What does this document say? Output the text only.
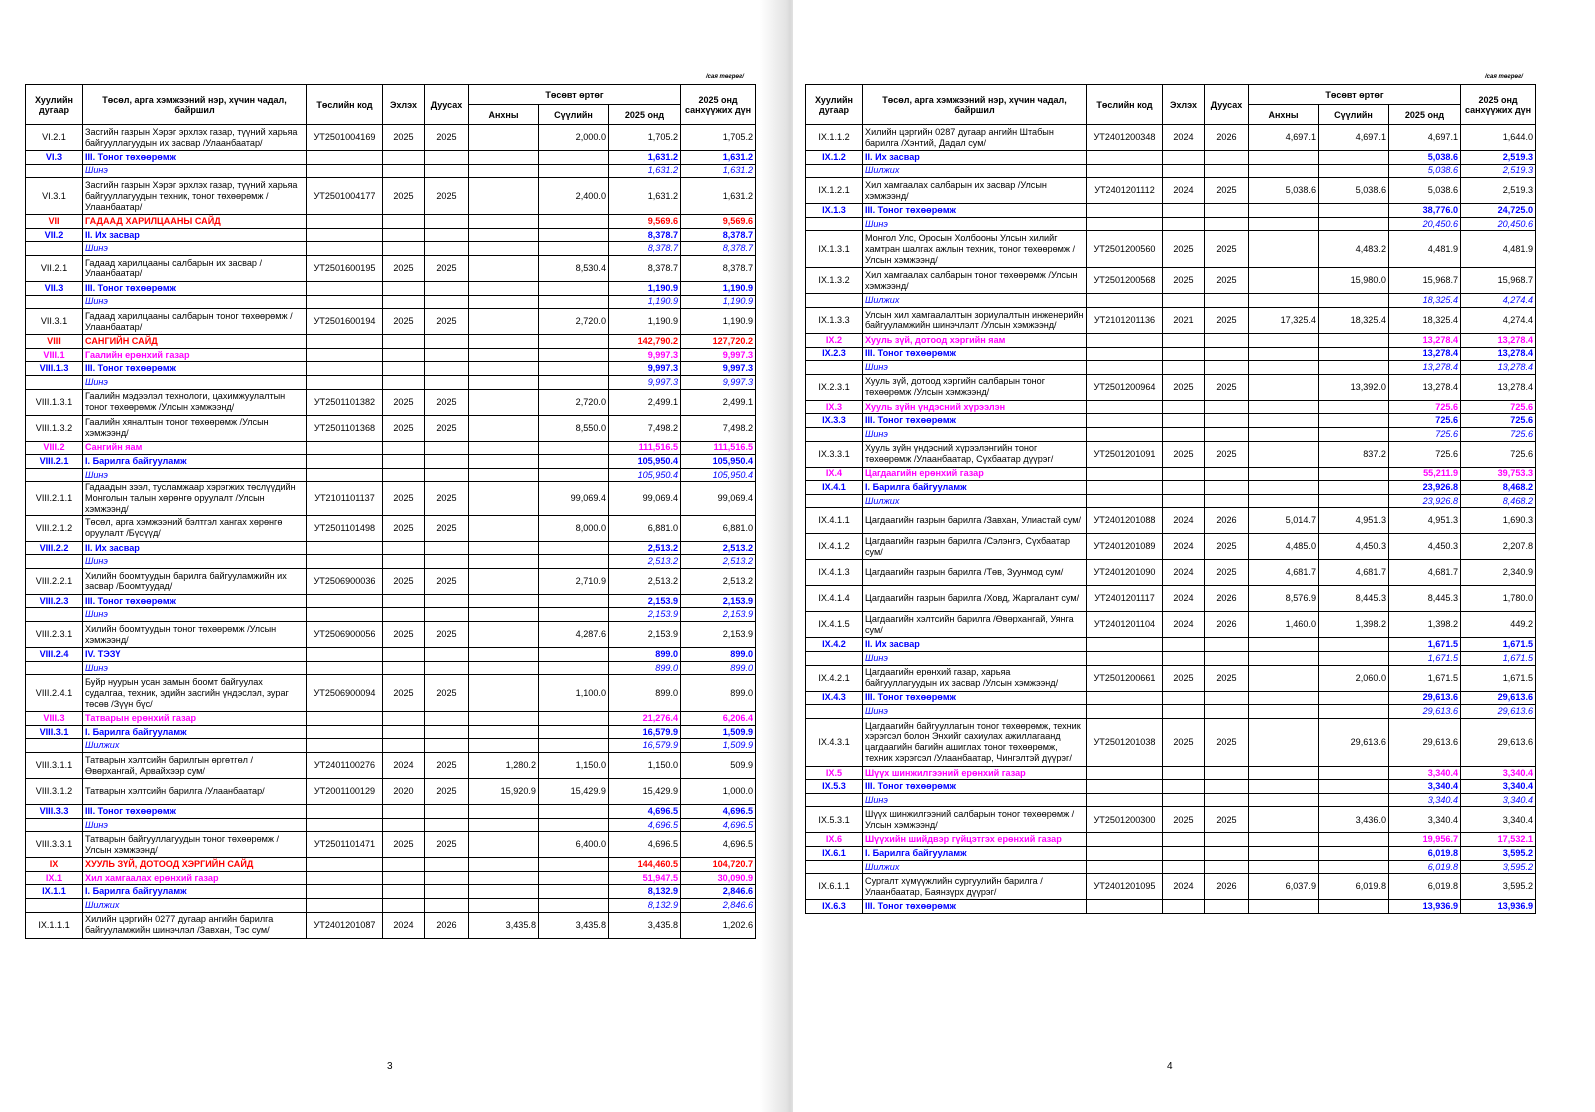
/сая төгрөг/
Хуулийн дугаар	Төсөл, арга хэмжээний нэр, хүчин чадал, байршил	Төслийн код	Эхлэх	Дуусах	Төсөвт өртөг			2025 онд санхүүжих дүн
					Анхны	Сүүлийн	2025 онд	
VI.2.1	Засгийн газрын Хэрэг эрхлэх газар, түүний харьяа байгууллагуудын их засвар /Улаанбаатар/	УТ2501004169	2025	2025		2,000.0	1,705.2	1,705.2
VI.3	III. Тоног төхөөрөмж						1,631.2	1,631.2
	Шинэ						1,631.2	1,631.2
VI.3.1	Засгийн газрын Хэрэг эрхлэх газар, түүний харьяа байгууллагуудын техник, тоног төхөөрөмж /Улаанбаатар/	УТ2501004177	2025	2025		2,400.0	1,631.2	1,631.2
VII	ГАДААД ХАРИЛЦААНЫ САЙД						9,569.6	9,569.6
VII.2	II. Их засвар						8,378.7	8,378.7
	Шинэ						8,378.7	8,378.7
VII.2.1	Гадаад харилцааны салбарын их засвар /Улаанбаатар/	УТ2501600195	2025	2025		8,530.4	8,378.7	8,378.7
VII.3	III. Тоног төхөөрөмж						1,190.9	1,190.9
	Шинэ						1,190.9	1,190.9
VII.3.1	Гадаад харилцааны салбарын тоног төхөөрөмж /Улаанбаатар/	УТ2501600194	2025	2025		2,720.0	1,190.9	1,190.9
VIII	САНГИЙН САЙД						142,790.2	127,720.2
VIII.1	Гаалийн ерөнхий газар						9,997.3	9,997.3
VIII.1.3	III. Тоног төхөөрөмж						9,997.3	9,997.3
	Шинэ						9,997.3	9,997.3
VIII.1.3.1	Гаалийн мэдээлэл технологи, цахимжуулалтын тоног төхөөрөмж /Улсын хэмжээнд/	УТ2501101382	2025	2025		2,720.0	2,499.1	2,499.1
VIII.1.3.2	Гаалийн хяналтын тоног төхөөрөмж /Улсын хэмжээнд/	УТ2501101368	2025	2025		8,550.0	7,498.2	7,498.2
VIII.2	Сангийн яам						111,516.5	111,516.5
VIII.2.1	I. Барилга байгууламж						105,950.4	105,950.4
	Шинэ						105,950.4	105,950.4
VIII.2.1.1	Гадаадын зээл, тусламжаар хэрэгжих төслүүдийн Монголын талын хөрөнгө оруулалт /Улсын хэмжээнд/	УТ2101101137	2025	2025		99,069.4	99,069.4	99,069.4
VIII.2.1.2	Төсөл, арга хэмжээний бэлтгэл хангах хөрөнгө оруулалт /Бүсүүд/	УТ2501101498	2025	2025		8,000.0	6,881.0	6,881.0
VIII.2.2	II. Их засвар						2,513.2	2,513.2
	Шинэ						2,513.2	2,513.2
VIII.2.2.1	Хилийн боомтуудын барилга байгууламжийн их засвар /Боомтуудад/	УТ2506900036	2025	2025		2,710.9	2,513.2	2,513.2
VIII.2.3	III. Тоног төхөөрөмж						2,153.9	2,153.9
	Шинэ						2,153.9	2,153.9
VIII.2.3.1	Хилийн боомтуудын тоног төхөөрөмж /Улсын хэмжээнд/	УТ2506900056	2025	2025		4,287.6	2,153.9	2,153.9
VIII.2.4	IV. ТЭЗҮ						899.0	899.0
	Шинэ						899.0	899.0
VIII.2.4.1	Буйр нуурын усан замын боомт байгуулах судалгаа, техник, эдийн засгийн үндэслэл, зураг төсөв /Зүүн бүс/	УТ2506900094	2025	2025		1,100.0	899.0	899.0
VIII.3	Татварын ерөнхий газар						21,276.4	6,206.4
VIII.3.1	I. Барилга байгууламж						16,579.9	1,509.9
	Шилжих						16,579.9	1,509.9
VIII.3.1.1	Татварын хэлтсийн барилгын өргөтгөл /Өвөрхангай, Арвайхээр сум/	УТ2401100276	2024	2025	1,280.2	1,150.0	1,150.0	509.9
VIII.3.1.2	Татварын хэлтсийн барилга /Улаанбаатар/	УТ2001100129	2020	2025	15,920.9	15,429.9	15,429.9	1,000.0
VIII.3.3	III. Тоног төхөөрөмж						4,696.5	4,696.5
	Шинэ						4,696.5	4,696.5
VIII.3.3.1	Татварын байгууллагуудын тоног төхөөрөмж /Улсын хэмжээнд/	УТ2501101471	2025	2025		6,400.0	4,696.5	4,696.5
IX	ХУУЛЬ ЗҮЙ, ДОТООД ХЭРГИЙН САЙД						144,460.5	104,720.7
IX.1	Хил хамгаалах ерөнхий газар						51,947.5	30,090.9
IX.1.1	I. Барилга байгууламж						8,132.9	2,846.6
	Шилжих						8,132.9	2,846.6
IX.1.1.1	Хилийн цэргийн 0277 дугаар ангийн барилга байгууламжийн шинэчлэл /Завхан, Тэс сум/	УТ2401201087	2024	2026	3,435.8	3,435.8	3,435.8	1,202.6
3
/сая төгрөг/
Хуулийн дугаар	Төсөл, арга хэмжээний нэр, хүчин чадал, байршил	Төслийн код	Эхлэх	Дуусах	Төсөвт өртөг			2025 онд санхүүжих дүн
					Анхны	Сүүлийн	2025 онд	
IX.1.1.2	Хилийн цэргийн 0287 дугаар ангийн Штабын барилга /Хэнтий, Дадал сум/	УТ2401200348	2024	2026	4,697.1	4,697.1	4,697.1	1,644.0
IX.1.2	II. Их засвар						5,038.6	2,519.3
	Шилжих						5,038.6	2,519.3
IX.1.2.1	Хил хамгаалах салбарын их засвар /Улсын хэмжээнд/	УТ2401201112	2024	2025	5,038.6	5,038.6	5,038.6	2,519.3
IX.1.3	III. Тоног төхөөрөмж						38,776.0	24,725.0
	Шинэ						20,450.6	20,450.6
IX.1.3.1	Монгол Улс, Оросын Холбооны Улсын хилийг хамтран шалгах ажлын техник, тоног төхөөрөмж /Улсын хэмжээнд/	УТ2501200560	2025	2025		4,483.2	4,481.9	4,481.9
IX.1.3.2	Хил хамгаалах салбарын тоног төхөөрөмж /Улсын хэмжээнд/	УТ2501200568	2025	2025		15,980.0	15,968.7	15,968.7
	Шилжих						18,325.4	4,274.4
IX.1.3.3	Улсын хил хамгаалалтын зориулалтын инженерийн байгууламжийн шинэчлэлт /Улсын хэмжээнд/	УТ2101201136	2021	2025	17,325.4	18,325.4	18,325.4	4,274.4
IX.2	Хууль зүй, дотоод хэргийн яам						13,278.4	13,278.4
IX.2.3	III. Тоног төхөөрөмж						13,278.4	13,278.4
	Шинэ						13,278.4	13,278.4
IX.2.3.1	Хууль зүй, дотоод хэргийн салбарын тоног төхөөрөмж /Улсын хэмжээнд/	УТ2501200964	2025	2025		13,392.0	13,278.4	13,278.4
IX.3	Хууль зүйн үндэсний хүрээлэн						725.6	725.6
IX.3.3	III. Тоног төхөөрөмж						725.6	725.6
	Шинэ						725.6	725.6
IX.3.3.1	Хууль зүйн үндэсний хүрээлэнгийн тоног төхөөрөмж /Улаанбаатар, Сүхбаатар дүүрэг/	УТ2501201091	2025	2025		837.2	725.6	725.6
IX.4	Цагдаагийн ерөнхий газар						55,211.9	39,753.3
IX.4.1	I. Барилга байгууламж						23,926.8	8,468.2
	Шилжих						23,926.8	8,468.2
IX.4.1.1	Цагдаагийн газрын барилга /Завхан, Улиастай сум/	УТ2401201088	2024	2026	5,014.7	4,951.3	4,951.3	1,690.3
IX.4.1.2	Цагдаагийн газрын барилга /Сэлэнгэ, Сүхбаатар сум/	УТ2401201089	2024	2025	4,485.0	4,450.3	4,450.3	2,207.8
IX.4.1.3	Цагдаагийн газрын барилга /Төв, Зуунмод сум/	УТ2401201090	2024	2025	4,681.7	4,681.7	4,681.7	2,340.9
IX.4.1.4	Цагдаагийн газрын барилга /Ховд, Жаргалант сум/	УТ2401201117	2024	2026	8,576.9	8,445.3	8,445.3	1,780.0
IX.4.1.5	Цагдаагийн хэлтсийн барилга /Өвөрхангай, Уянга сум/	УТ2401201104	2024	2026	1,460.0	1,398.2	1,398.2	449.2
IX.4.2	II. Их засвар						1,671.5	1,671.5
	Шинэ						1,671.5	1,671.5
IX.4.2.1	Цагдаагийн ерөнхий газар, харьяа байгууллагуудын их засвар /Улсын хэмжээнд/	УТ2501200661	2025	2025		2,060.0	1,671.5	1,671.5
IX.4.3	III. Тоног төхөөрөмж						29,613.6	29,613.6
	Шинэ						29,613.6	29,613.6
IX.4.3.1	Цагдаагийн байгууллагын тоног төхөөрөмж, техник хэрэгсэл болон Энхийг сахиулах ажиллагаанд цагдаагийн багийн ашиглах тоног төхөөрөмж, техник хэрэгсэл /Улаанбаатар, Чингэлтэй дүүрэг/	УТ2501201038	2025	2025		29,613.6	29,613.6	29,613.6
IX.5	Шүүх шинжилгээний ерөнхий газар						3,340.4	3,340.4
IX.5.3	III. Тоног төхөөрөмж						3,340.4	3,340.4
	Шинэ						3,340.4	3,340.4
IX.5.3.1	Шүүх шинжилгээний салбарын тоног төхөөрөмж /Улсын хэмжээнд/	УТ2501200300	2025	2025		3,436.0	3,340.4	3,340.4
IX.6	Шүүхийн шийдвэр гүйцэтгэх ерөнхий газар						19,956.7	17,532.1
IX.6.1	I. Барилга байгууламж						6,019.8	3,595.2
	Шилжих						6,019.8	3,595.2
IX.6.1.1	Сургалт хүмүүжлийн сургуулийн барилга /Улаанбаатар, Баянзүрх дүүрэг/	УТ2401201095	2024	2026	6,037.9	6,019.8	6,019.8	3,595.2
IX.6.3	III. Тоног төхөөрөмж						13,936.9	13,936.9
4
